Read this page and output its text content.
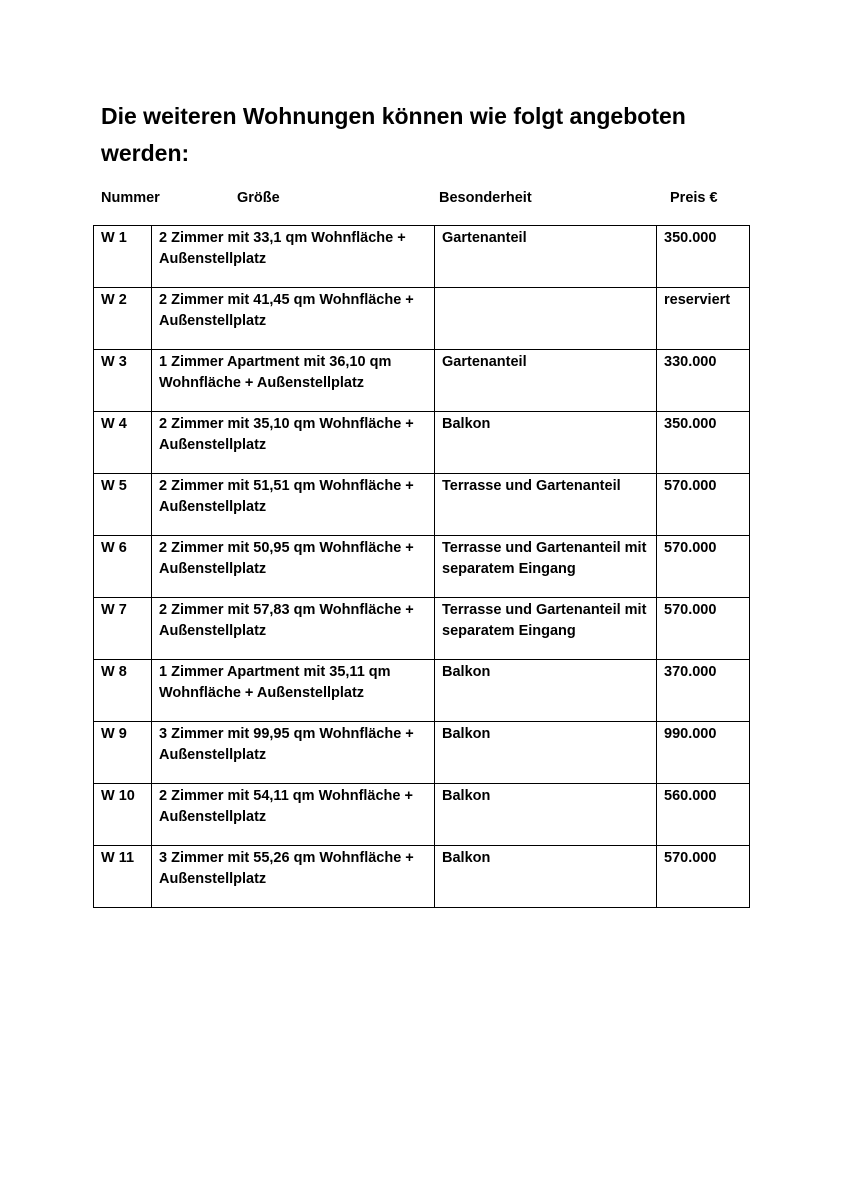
Die weiteren Wohnungen können wie folgt angeboten werden:
Nummer	Größe	Besonderheit	Preis €
W 1	2 Zimmer mit 33,1 qm Wohnfläche + Außenstellplatz	Gartenanteil	350.000
W 2	2 Zimmer mit 41,45 qm Wohnfläche + Außenstellplatz		reserviert
W 3	1 Zimmer Apartment mit 36,10 qm Wohnfläche + Außenstellplatz	Gartenanteil	330.000
W 4	2 Zimmer mit 35,10 qm Wohnfläche + Außenstellplatz	Balkon	350.000
W 5	2 Zimmer mit 51,51 qm Wohnfläche + Außenstellplatz	Terrasse und Gartenanteil	570.000
W 6	2 Zimmer mit 50,95 qm Wohnfläche + Außenstellplatz	Terrasse und Gartenanteil mit separatem Eingang	570.000
W 7	2 Zimmer mit 57,83 qm Wohnfläche + Außenstellplatz	Terrasse und Gartenanteil mit separatem Eingang	570.000
W 8	1 Zimmer Apartment mit 35,11 qm Wohnfläche + Außenstellplatz	Balkon	370.000
W 9	3 Zimmer mit 99,95 qm Wohnfläche + Außenstellplatz	Balkon	990.000
W 10	2 Zimmer mit 54,11 qm Wohnfläche + Außenstellplatz	Balkon	560.000
W 11	3 Zimmer mit 55,26 qm Wohnfläche + Außenstellplatz	Balkon	570.000
